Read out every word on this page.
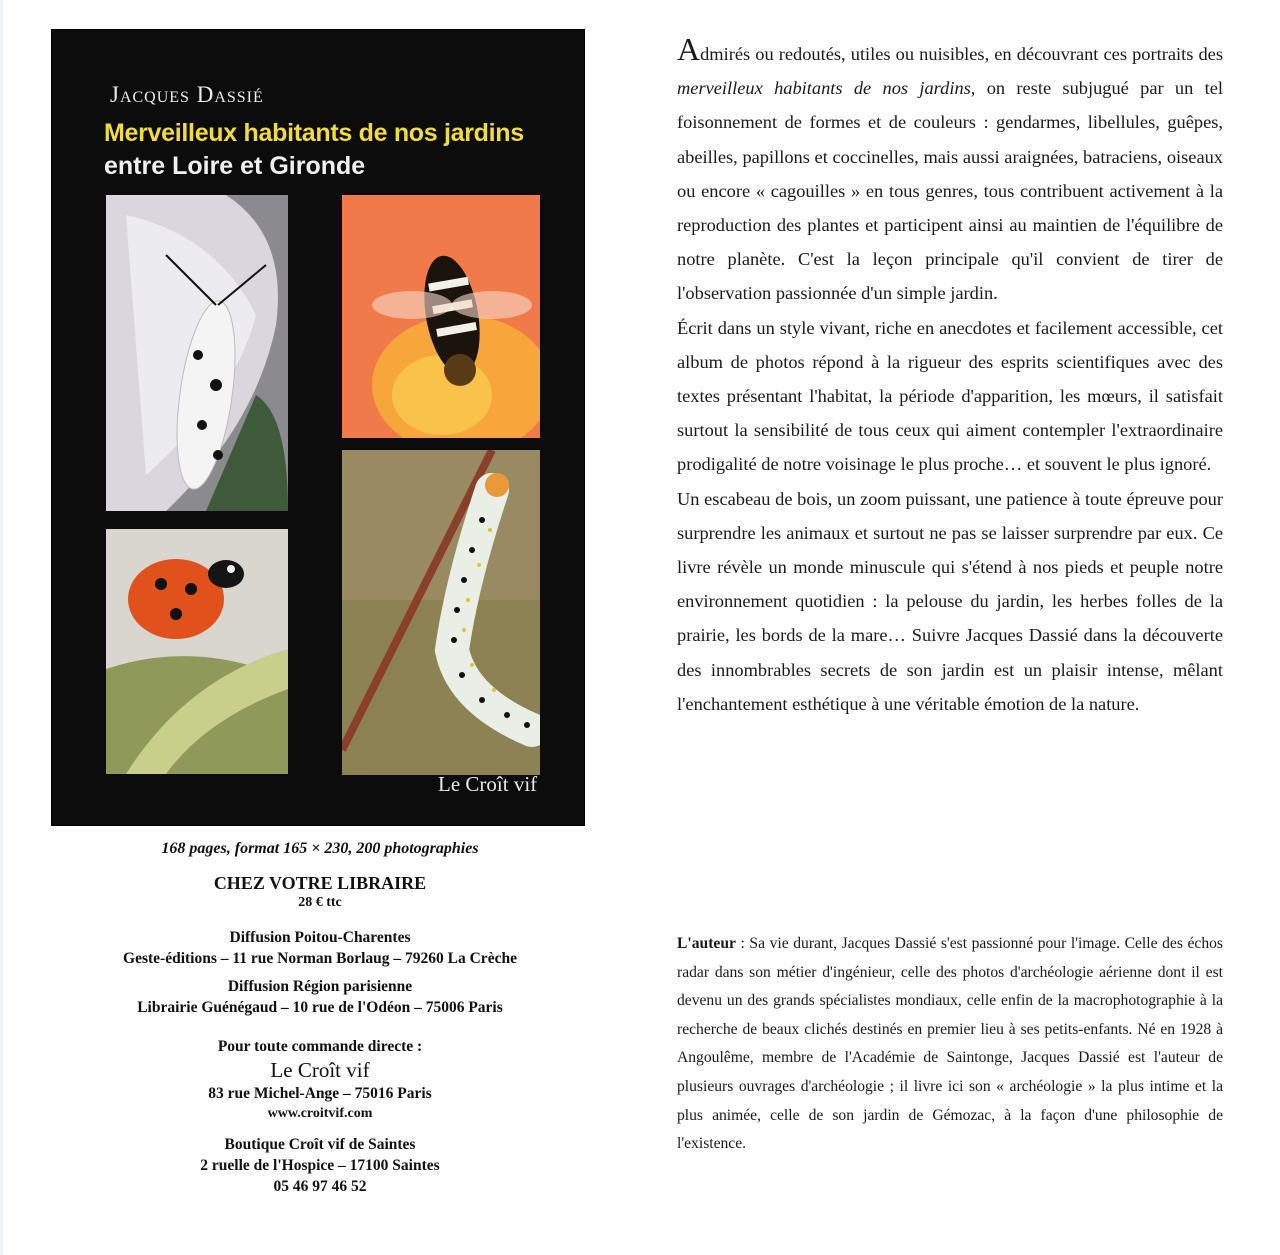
Jacques Dassié
Merveilleux habitants de nos jardins
entre Loire et Gironde
Le Croît vif
168 pages, format 165 × 230, 200 photographies
CHEZ VOTRE LIBRAIRE
28 € ttc
Diffusion Poitou-Charentes
Geste-éditions – 11 rue Norman Borlaug – 79260 La Crèche
Diffusion Région parisienne
Librairie Guénégaud – 10 rue de l'Odéon – 75006 Paris
Pour toute commande directe :
Le Croît vif
83 rue Michel-Ange – 75016 Paris
www.croitvif.com
Boutique Croît vif de Saintes
2 ruelle de l'Hospice – 17100 Saintes
05 46 97 46 52

Admirés ou redoutés, utiles ou nuisibles, en découvrant ces portraits des merveilleux habitants de nos jardins, on reste subjugué par un tel foisonnement de formes et de couleurs : gendarmes, libellules, guêpes, abeilles, papillons et coccinelles, mais aussi araignées, batraciens, oiseaux ou encore « cagouilles » en tous genres, tous contribuent activement à la reproduction des plantes et participent ainsi au maintien de l'équilibre de notre planète. C'est la leçon principale qu'il convient de tirer de l'observation passionnée d'un simple jardin.

Écrit dans un style vivant, riche en anecdotes et facilement accessible, cet album de photos répond à la rigueur des esprits scientifiques avec des textes présentant l'habitat, la période d'apparition, les mœurs, il satisfait surtout la sensibilité de tous ceux qui aiment contempler l'extraordinaire prodigalité de notre voisinage le plus proche… et souvent le plus ignoré.

Un escabeau de bois, un zoom puissant, une patience à toute épreuve pour surprendre les animaux et surtout ne pas se laisser surprendre par eux. Ce livre révèle un monde minuscule qui s'étend à nos pieds et peuple notre environnement quotidien : la pelouse du jardin, les herbes folles de la prairie, les bords de la mare… Suivre Jacques Dassié dans la découverte des innombrables secrets de son jardin est un plaisir intense, mêlant l'enchantement esthétique à une véritable émotion de la nature.

L'auteur : Sa vie durant, Jacques Dassié s'est passionné pour l'image. Celle des échos radar dans son métier d'ingénieur, celle des photos d'archéologie aérienne dont il est devenu un des grands spécialistes mondiaux, celle enfin de la macrophotographie à la recherche de beaux clichés destinés en premier lieu à ses petits-enfants. Né en 1928 à Angoulême, membre de l'Académie de Saintonge, Jacques Dassié est l'auteur de plusieurs ouvrages d'archéologie ; il livre ici son « archéologie » la plus intime et la plus animée, celle de son jardin de Gémozac, à la façon d'une philosophie de l'existence.
